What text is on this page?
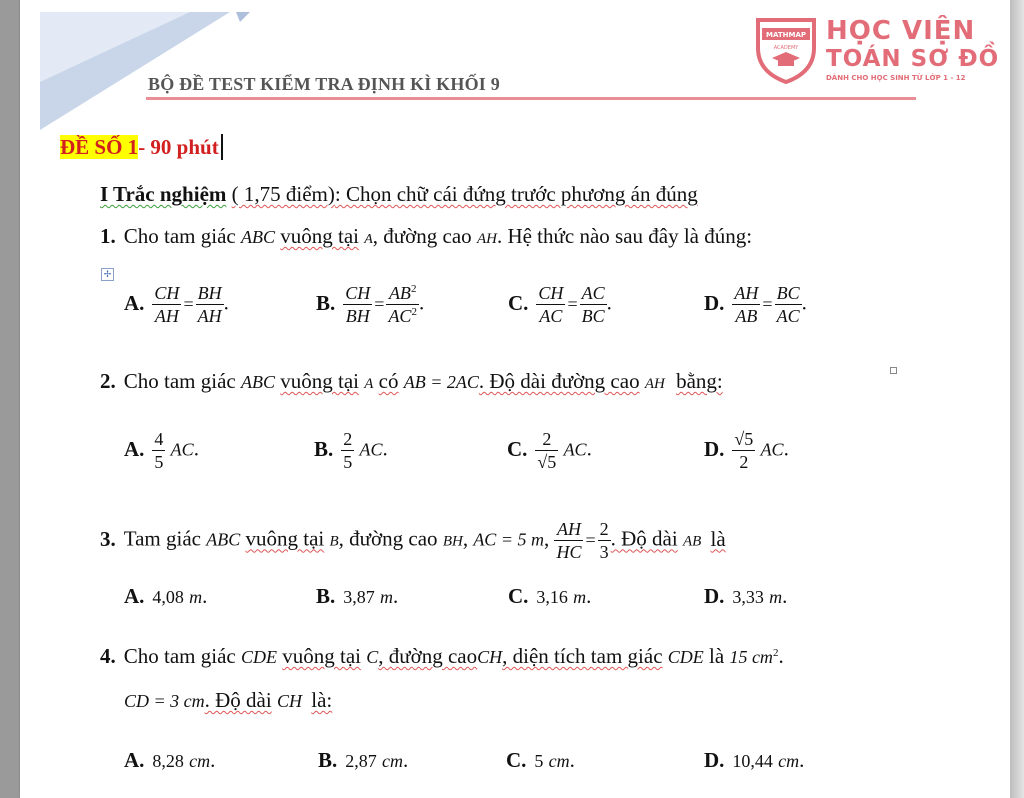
BỘ ĐỀ TEST KIỂM TRA ĐỊNH KÌ KHỐI 9
MATHMAP
ACADEMY
HỌC VIỆN
TOÁN SƠ ĐỒ
DÀNH CHO HỌC SINH TỪ LỚP 1 - 12
ĐỀ SỐ 1- 90 phút
I Trắc nghiệm ( 1,75 điểm): Chọn chữ cái đứng trước phương án đúng
1. Cho tam giác ABC vuông tại A, đường cao AH. Hệ thức nào sau đây là đúng:
✢
A. $\frac{CH}{AH} = \frac{BH}{AH}$ .	B. $\frac{CH}{BH} = \frac{AB^2}{AC^2}$ .	C. $\frac{CH}{AC} = \frac{AC}{BC}$ .	D. $\frac{AH}{AB} = \frac{BC}{AC}$ .
2. Cho tam giác ABC vuông tại A có AB = 2AC. Độ dài đường cao AH bằng:
A. $\frac{4}{5}$ AC.	B. $\frac{2}{5}$ AC.	C. $\frac{2}{√5}$ AC.	D. $\frac{√5}{2}$ AC.
3. Tam giác ABC vuông tại B, đường cao BH, AC = 5 m, $\frac{AH}{HC} = \frac{2}{3}$ . Độ dài AB là
A. 4,08 m.	B. 3,87 m.	C. 3,16 m.	D. 3,33 m.
4. Cho tam giác CDE vuông tại C, đường caoCH, diện tích tam giác CDE là 15 $cm^2$.
CD = 3 cm. Độ dài CH là:
A. 8,28 cm.	B. 2,87 cm.	C. 5 cm.	D. 10,44 cm.
